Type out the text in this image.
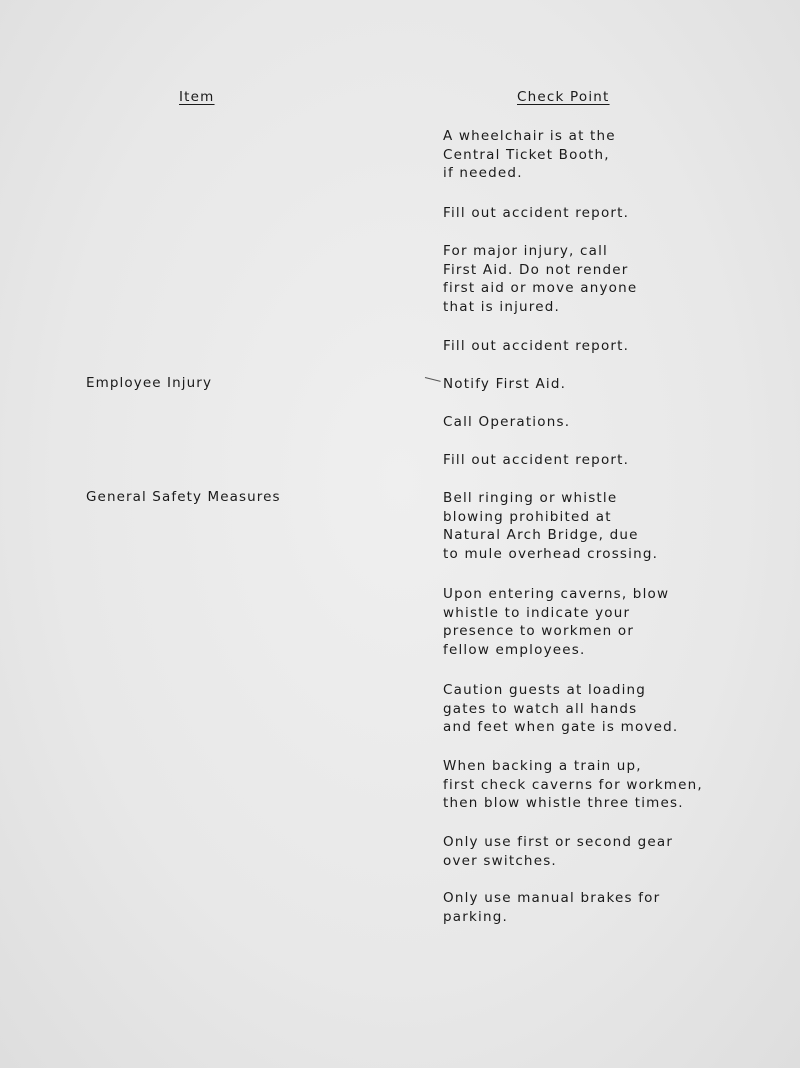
Item	Check Point
Employee Injury
General Safety Measures
A wheelchair is at the
Central Ticket Booth,
if needed.
Fill out accident report.
For major injury, call
First Aid. Do not render
first aid or move anyone
that is injured.
Fill out accident report.
Notify First Aid.
Call Operations.
Fill out accident report.
Bell ringing or whistle
blowing prohibited at
Natural Arch Bridge, due
to mule overhead crossing.
Upon entering caverns, blow
whistle to indicate your
presence to workmen or
fellow employees.
Caution guests at loading
gates to watch all hands
and feet when gate is moved.
When backing a train up,
first check caverns for workmen,
then blow whistle three times.
Only use first or second gear
over switches.
Only use manual brakes for
parking.
